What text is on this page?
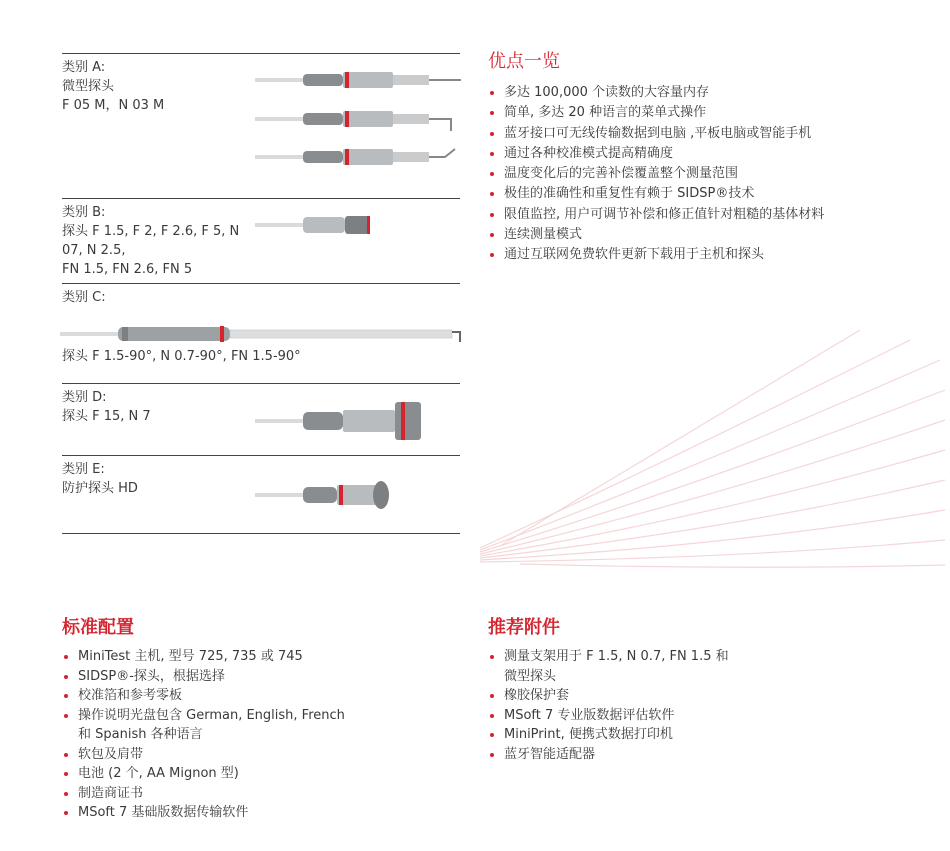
类别 A:
微型探头
F 05 M，N 03 M
类别 B:
探头 F 1.5, F 2, F 2.6, F 5, N
07, N 2.5,
FN 1.5, FN 2.6, FN 5
类别 C:
探头 F 1.5-90°, N 0.7-90°, FN 1.5-90°
类别 D:
探头 F 15, N 7
类别 E:
防护探头 HD
优点一览
多达 100,000 个读数的大容量内存
简单, 多达 20 种语言的菜单式操作
蓝牙接口可无线传输数据到电脑 ,平板电脑或智能手机
通过各种校准模式提高精确度
温度变化后的完善补偿覆盖整个测量范围
极佳的准确性和重复性有赖于 SIDSP®技术
限值监控, 用户可调节补偿和修正值针对粗糙的基体材料
连续测量模式
通过互联网免费软件更新下载用于主机和探头
标准配置
MiniTest 主机, 型号 725, 735 或 745
SIDSP®-探头，根据选择
校准箔和参考零板
操作说明光盘包含 German, English, French
和 Spanish 各种语言
软包及肩带
电池 (2 个, AA Mignon 型)
制造商证书
MSoft 7 基础版数据传输软件
推荐附件
测量支架用于 F 1.5, N 0.7, FN 1.5 和
微型探头
橡胶保护套
MSoft 7 专业版数据评估软件
MiniPrint, 便携式数据打印机
蓝牙智能适配器
